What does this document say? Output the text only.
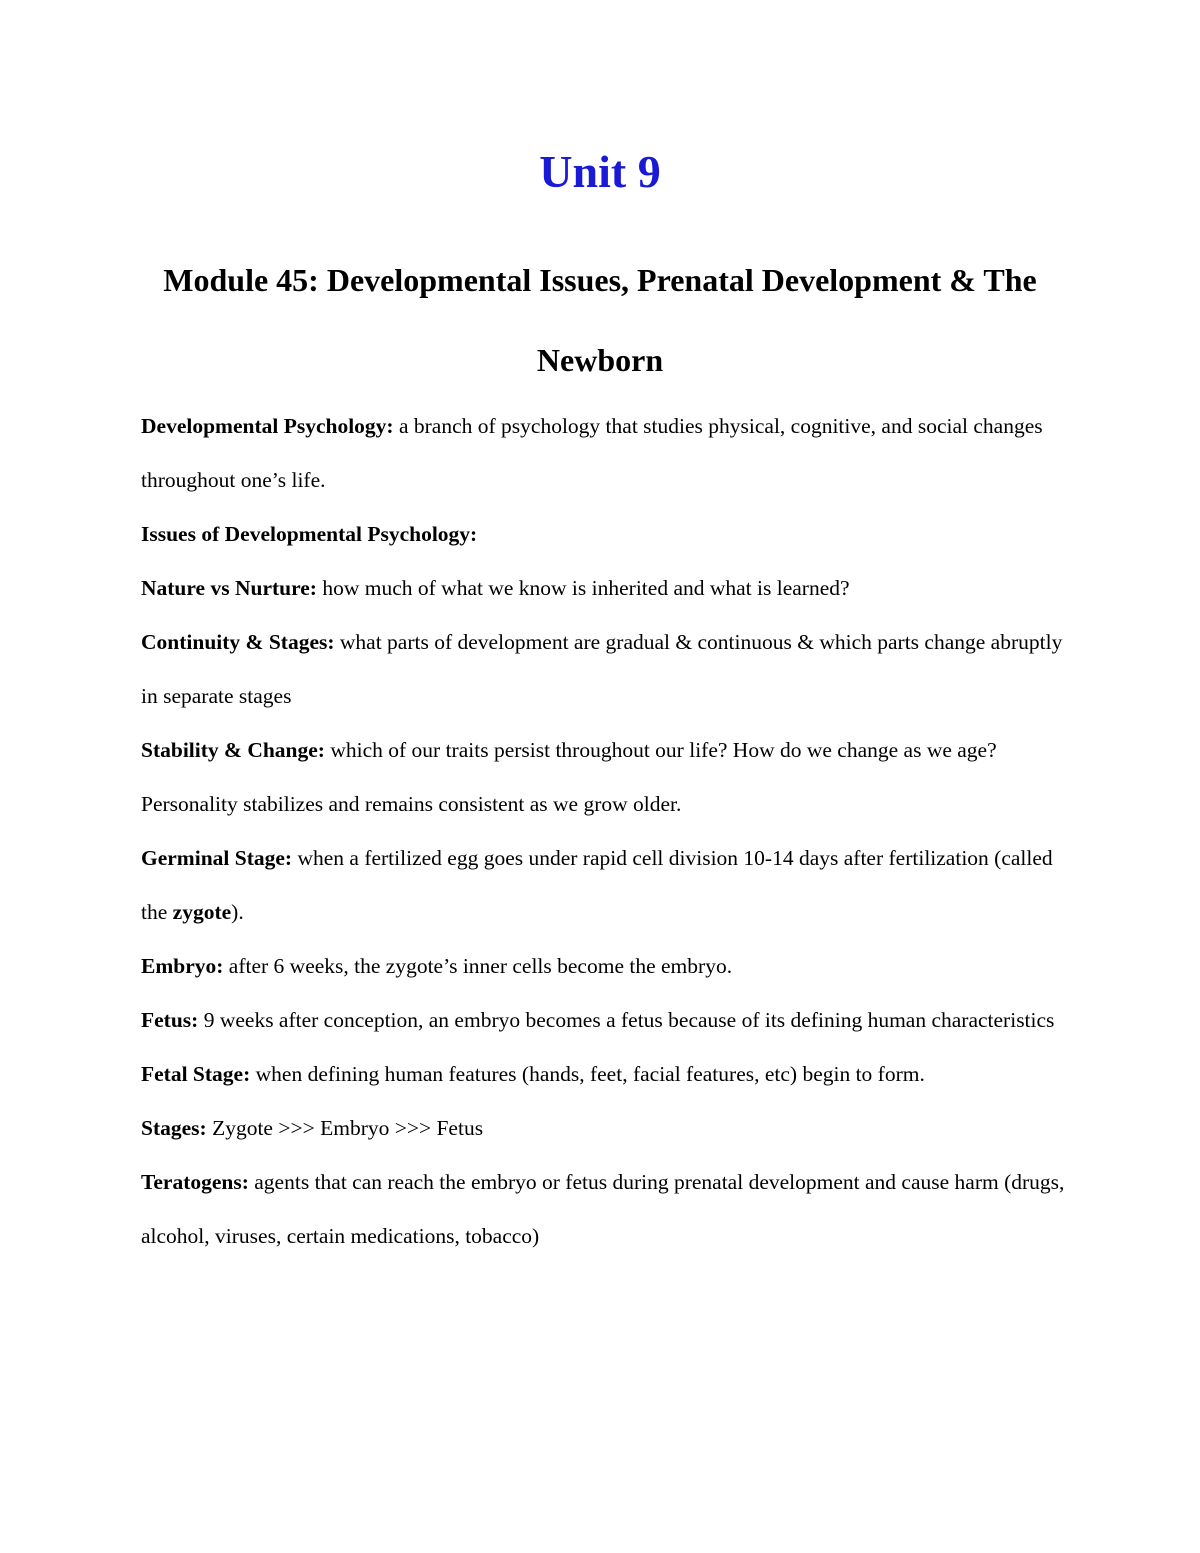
Unit 9
Module 45: Developmental Issues, Prenatal Development & The Newborn

Developmental Psychology: a branch of psychology that studies physical, cognitive, and social changes throughout one’s life.

Issues of Developmental Psychology:

Nature vs Nurture: how much of what we know is inherited and what is learned?

Continuity & Stages: what parts of development are gradual & continuous & which parts change abruptly in separate stages

Stability & Change: which of our traits persist throughout our life? How do we change as we age?

Personality stabilizes and remains consistent as we grow older.

Germinal Stage: when a fertilized egg goes under rapid cell division 10-14 days after fertilization (called the zygote).

Embryo: after 6 weeks, the zygote’s inner cells become the embryo.

Fetus: 9 weeks after conception, an embryo becomes a fetus because of its defining human characteristics

Fetal Stage: when defining human features (hands, feet, facial features, etc) begin to form.

Stages: Zygote >>> Embryo >>> Fetus

Teratogens: agents that can reach the embryo or fetus during prenatal development and cause harm (drugs, alcohol, viruses, certain medications, tobacco)
